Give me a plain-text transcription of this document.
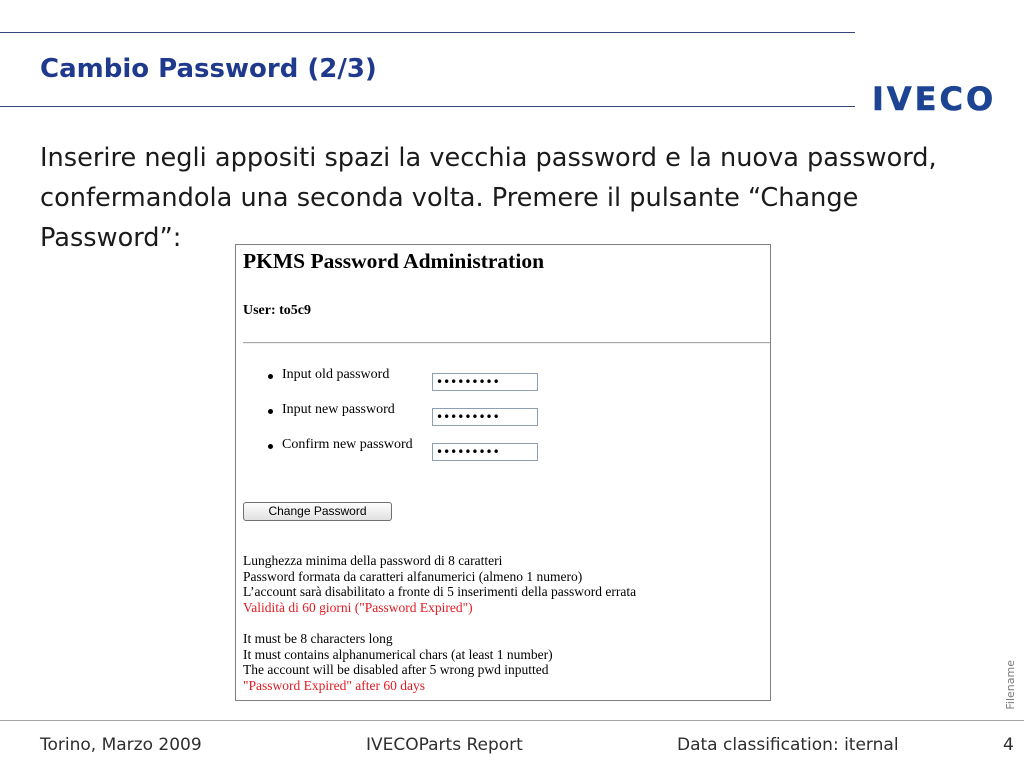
Cambio Password (2/3)
IVECO
Inserire negli appositi spazi la vecchia password e la nuova password,
confermandola una seconda volta. Premere il pulsante “Change
Password”:
PKMS Password Administration
User: to5c9
Input old password
Input new password
Confirm new password
Change Password
Lunghezza minima della password di 8 caratteri
Password formata da caratteri alfanumerici (almeno 1 numero)
L’account sarà disabilitato a fronte di 5 inserimenti della password errata
Validità di 60 giorni ("Password Expired")
It must be 8 characters long
It must contains alphanumerical chars (at least 1 number)
The account will be disabled after 5 wrong pwd inputted
"Password Expired" after 60 days	Filename
Torino, Marzo 2009	IVECOParts Report	Data classification: iternal	4
